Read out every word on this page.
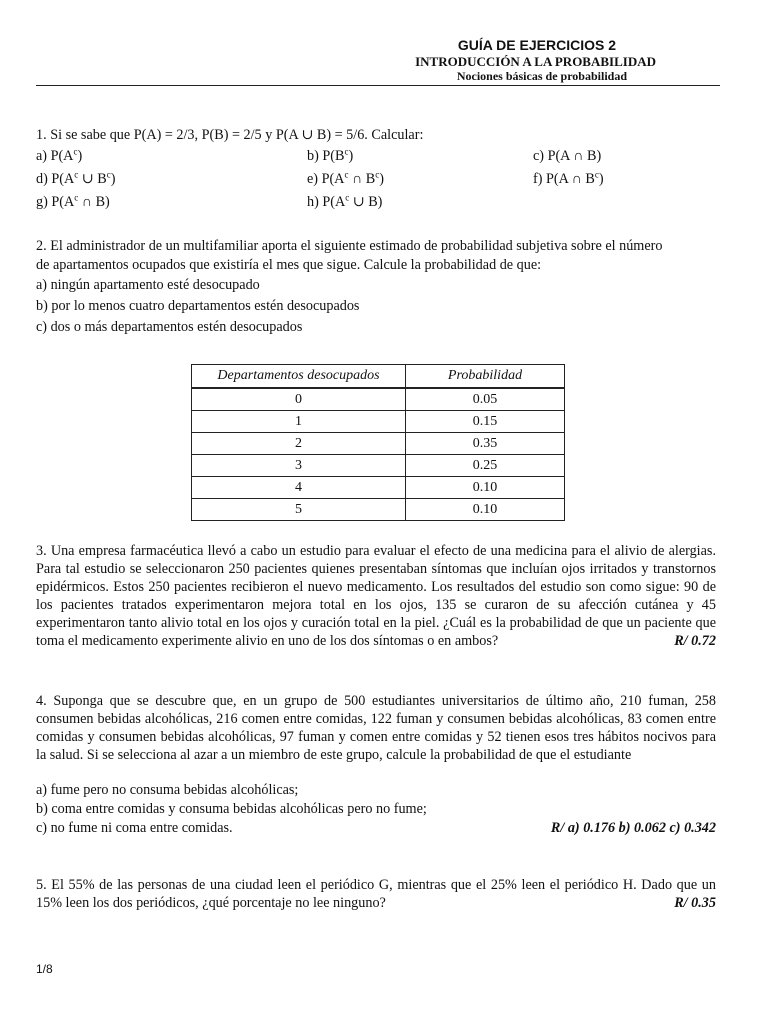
GUÍA DE EJERCICIOS 2
INTRODUCCIÓN A LA PROBABILIDAD
Nociones básicas de probabilidad
1. Si se sabe que P(A) = 2/3, P(B) = 2/5 y P(A ∪ B) = 5/6. Calcular:
a) $P(A^c)$	b) $P(B^c)$	c) P(A ∩ B)
d) $P(A^c$ ∪ $B^c$)	e) $P(A^c$ ∩ $B^c$)	f) P(A ∩ $B^c$)
g) $P(A^c$ ∩ B)	h) $P(A^c$ ∪ B)
2. El administrador de un multifamiliar aporta el siguiente estimado de probabilidad subjetiva sobre el número
de apartamentos ocupados que existiría el mes que sigue. Calcule la probabilidad de que:
a) ningún apartamento esté desocupado
b) por lo menos cuatro departamentos estén desocupados
c) dos o más departamentos estén desocupados
Departamentos desocupados	Probabilidad
0	0.05
1	0.15
2	0.35
3	0.25
4	0.10
5	0.10
3. Una empresa farmacéutica llevó a cabo un estudio para evaluar el efecto de una medicina para el alivio de alergias. Para tal estudio se seleccionaron 250 pacientes quienes presentaban síntomas que incluían ojos irritados y transtornos epidérmicos. Estos 250 pacientes recibieron el nuevo medicamento. Los resultados del estudio son como sigue: 90 de los pacientes tratados experimentaron mejora total en los ojos, 135 se curaron de su afección cutánea y 45 experimentaron tanto alivio total en los ojos y curación total en la piel. ¿Cuál es la probabilidad de que un paciente que toma el medicamento experimente alivio en uno de los dos síntomas o en ambos?	R/ 0.72
4. Suponga que se descubre que, en un grupo de 500 estudiantes universitarios de último año, 210 fuman, 258 consumen bebidas alcohólicas, 216 comen entre comidas, 122 fuman y consumen bebidas alcohólicas, 83 comen entre comidas y consumen bebidas alcohólicas, 97 fuman y comen entre comidas y 52 tienen esos tres hábitos nocivos para la salud. Si se selecciona al azar a un miembro de este grupo, calcule la probabilidad de que el estudiante
a) fume pero no consuma bebidas alcohólicas;
b) coma entre comidas y consuma bebidas alcohólicas pero no fume;
c) no fume ni coma entre comidas.	R/ a) 0.176 b) 0.062 c) 0.342
5. El 55% de las personas de una ciudad leen el periódico G, mientras que el 25% leen el periódico H. Dado que un 15% leen los dos periódicos, ¿qué porcentaje no lee ninguno?	R/ 0.35
1/8
